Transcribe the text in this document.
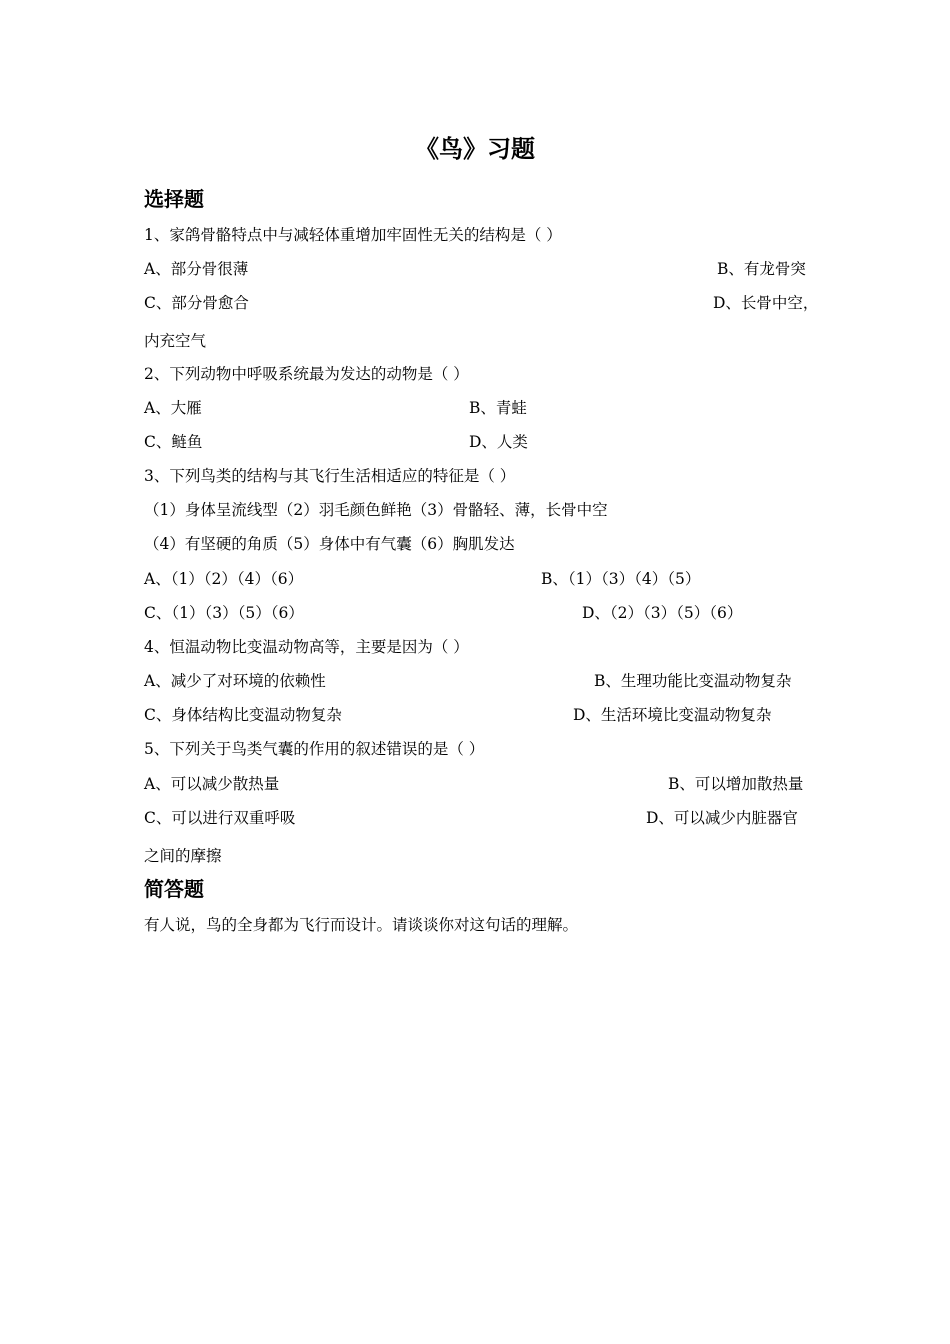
《鸟》习题
选择题
1、家鸽骨骼特点中与减轻体重增加牢固性无关的结构是（ ）
A、部分骨很薄	B、有龙骨突
C、部分骨愈合	D、长骨中空，
内充空气
2、下列动物中呼吸系统最为发达的动物是（ ）
A、大雁	B、青蛙
C、鲢鱼	D、人类
3、下列鸟类的结构与其飞行生活相适应的特征是（ ）
（1）身体呈流线型（2）羽毛颜色鲜艳（3）骨骼轻、薄，长骨中空
（4）有坚硬的角质（5）身体中有气囊（6）胸肌发达
A、（1）（2）（4）（6）	B、（1）（3）（4）（5）
C、（1）（3）（5）（6）	D、（2）（3）（5）（6）
4、恒温动物比变温动物高等，主要是因为（ ）
A、减少了对环境的依赖性	B、生理功能比变温动物复杂
C、身体结构比变温动物复杂	D、生活环境比变温动物复杂
5、下列关于鸟类气囊的作用的叙述错误的是（ ）
A、可以减少散热量	B、可以增加散热量
C、可以进行双重呼吸	D、可以减少内脏器官
之间的摩擦
简答题
有人说，鸟的全身都为飞行而设计。请谈谈你对这句话的理解。
